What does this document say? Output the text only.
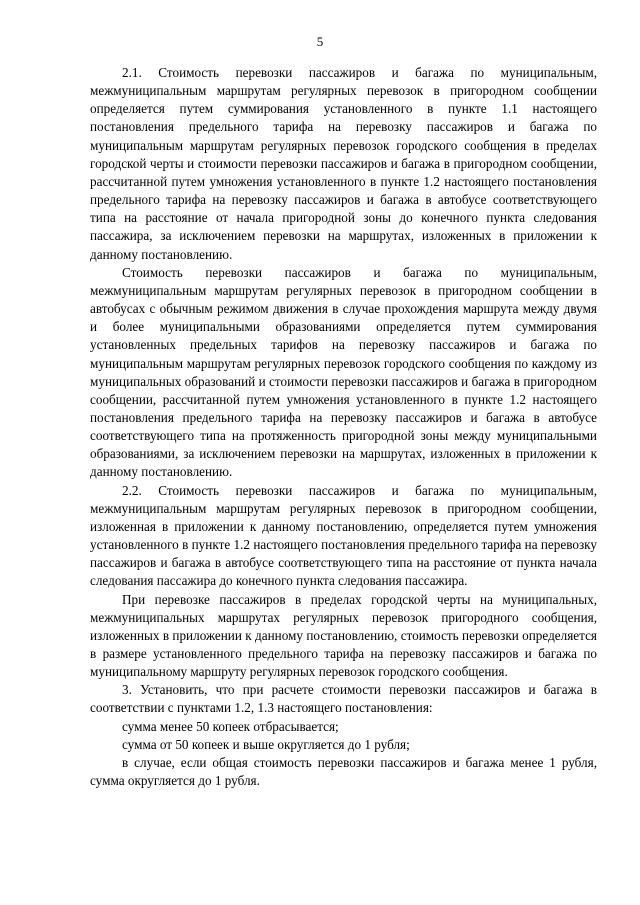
5

2.1. Стоимость перевозки пассажиров и багажа по муниципальным, межмуниципальным маршрутам регулярных перевозок в пригородном сообщении определяется путем суммирования установленного в пункте 1.1 настоящего постановления предельного тарифа на перевозку пассажиров и багажа по муниципальным маршрутам регулярных перевозок городского сообщения в пределах городской черты и стоимости перевозки пассажиров и багажа в пригородном сообщении, рассчитанной путем умножения установленного в пункте 1.2 настоящего постановления предельного тарифа на перевозку пассажиров и багажа в автобусе соответствующего типа на расстояние от начала пригородной зоны до конечного пункта следования пассажира, за исключением перевозки на маршрутах, изложенных в приложении к данному постановлению.

Стоимость перевозки пассажиров и багажа по муниципальным, межмуниципальным маршрутам регулярных перевозок в пригородном сообщении в автобусах с обычным режимом движения в случае прохождения маршрута между двумя и более муниципальными образованиями определяется путем суммирования установленных предельных тарифов на перевозку пассажиров и багажа по муниципальным маршрутам регулярных перевозок городского сообщения по каждому из муниципальных образований и стоимости перевозки пассажиров и багажа в пригородном сообщении, рассчитанной путем умножения установленного в пункте 1.2 настоящего постановления предельного тарифа на перевозку пассажиров и багажа в автобусе соответствующего типа на протяженность пригородной зоны между муниципальными образованиями, за исключением перевозки на маршрутах, изложенных в приложении к данному постановлению.

2.2. Стоимость перевозки пассажиров и багажа по муниципальным, межмуниципальным маршрутам регулярных перевозок в пригородном сообщении, изложенная в приложении к данному постановлению, определяется путем умножения установленного в пункте 1.2 настоящего постановления предельного тарифа на перевозку пассажиров и багажа в автобусе соответствующего типа на расстояние от пункта начала следования пассажира до конечного пункта следования пассажира.

При перевозке пассажиров в пределах городской черты на муниципальных, межмуниципальных маршрутах регулярных перевозок пригородного сообщения, изложенных в приложении к данному постановлению, стоимость перевозки определяется в размере установленного предельного тарифа на перевозку пассажиров и багажа по муниципальному маршруту регулярных перевозок городского сообщения.

3. Установить, что при расчете стоимости перевозки пассажиров и багажа в соответствии с пунктами 1.2, 1.3 настоящего постановления:

сумма менее 50 копеек отбрасывается;

сумма от 50 копеек и выше округляется до 1 рубля;

в случае, если общая стоимость перевозки пассажиров и багажа менее 1 рубля, сумма округляется до 1 рубля.
